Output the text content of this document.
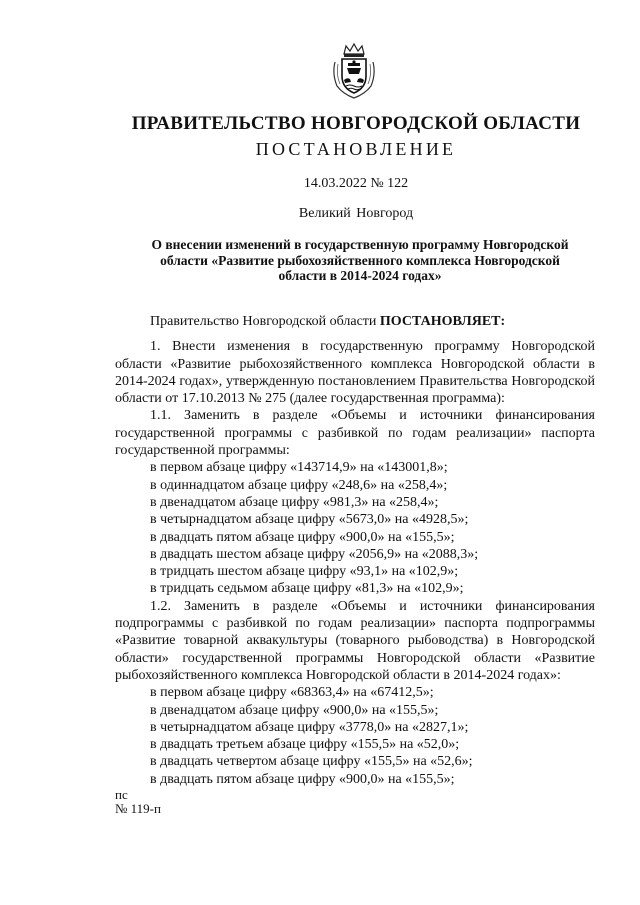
ПРАВИТЕЛЬСТВО НОВГОРОДСКОЙ ОБЛАСТИ
ПОСТАНОВЛЕНИЕ
14.03.2022 № 122
Великий Новгород
О внесении изменений в государственную программу Новгородской области «Развитие рыбохозяйственного комплекса Новгородской области в 2014-2024 годах»

Правительство Новгородской области ПОСТАНОВЛЯЕТ:

1. Внести изменения в государственную программу Новгородской области «Развитие рыбохозяйственного комплекса Новгородской области в 2014-2024 годах», утвержденную постановлением Правительства Новгородской области от 17.10.2013 № 275 (далее государственная программа):

1.1. Заменить в разделе «Объемы и источники финансирования государственной программы с разбивкой по годам реализации» паспорта государственной программы:

в первом абзаце цифру «143714,9» на «143001,8»;

в одиннадцатом абзаце цифру «248,6» на «258,4»;

в двенадцатом абзаце цифру «981,3» на «258,4»;

в четырнадцатом абзаце цифру «5673,0» на «4928,5»;

в двадцать пятом абзаце цифру «900,0» на «155,5»;

в двадцать шестом абзаце цифру «2056,9» на «2088,3»;

в тридцать шестом абзаце цифру «93,1» на «102,9»;

в тридцать седьмом абзаце цифру «81,3» на «102,9»;

1.2. Заменить в разделе «Объемы и источники финансирования подпрограммы с разбивкой по годам реализации» паспорта подпрограммы «Развитие товарной аквакультуры (товарного рыбоводства) в Новгородской области» государственной программы Новгородской области «Развитие рыбохозяйственного комплекса Новгородской области в 2014-2024 годах»:

в первом абзаце цифру «68363,4» на «67412,5»;

в двенадцатом абзаце цифру «900,0» на «155,5»;

в четырнадцатом абзаце цифру «3778,0» на «2827,1»;

в двадцать третьем абзаце цифру «155,5» на «52,0»;

в двадцать четвертом абзаце цифру «155,5» на «52,6»;

в двадцать пятом абзаце цифру «900,0» на «155,5»;

пс
№ 119-п
